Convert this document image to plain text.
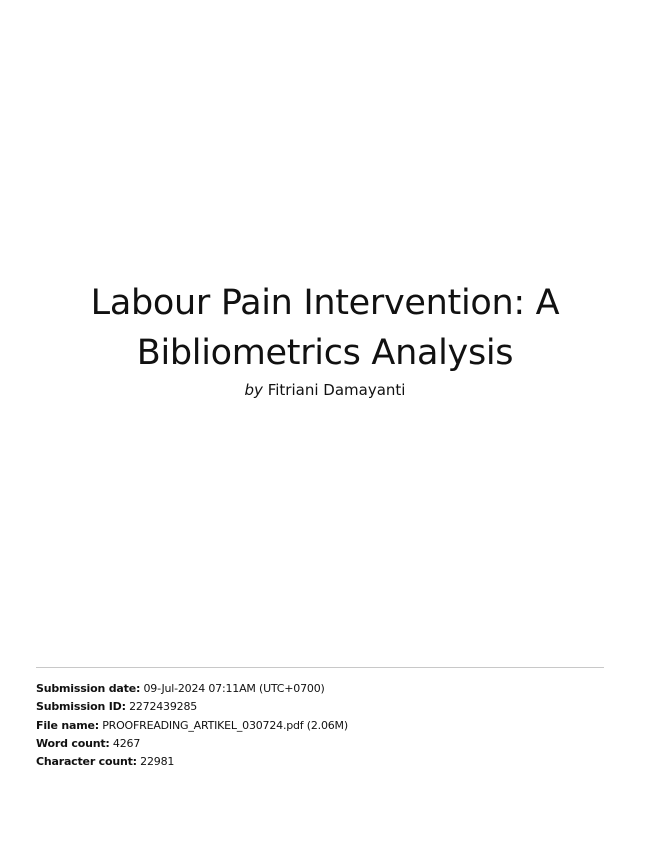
Labour Pain Intervention: A Bibliometrics Analysis
by Fitriani Damayanti
Submission date: 09-Jul-2024 07:11AM (UTC+0700)
Submission ID: 2272439285
File name: PROOFREADING_ARTIKEL_030724.pdf (2.06M)
Word count: 4267
Character count: 22981
